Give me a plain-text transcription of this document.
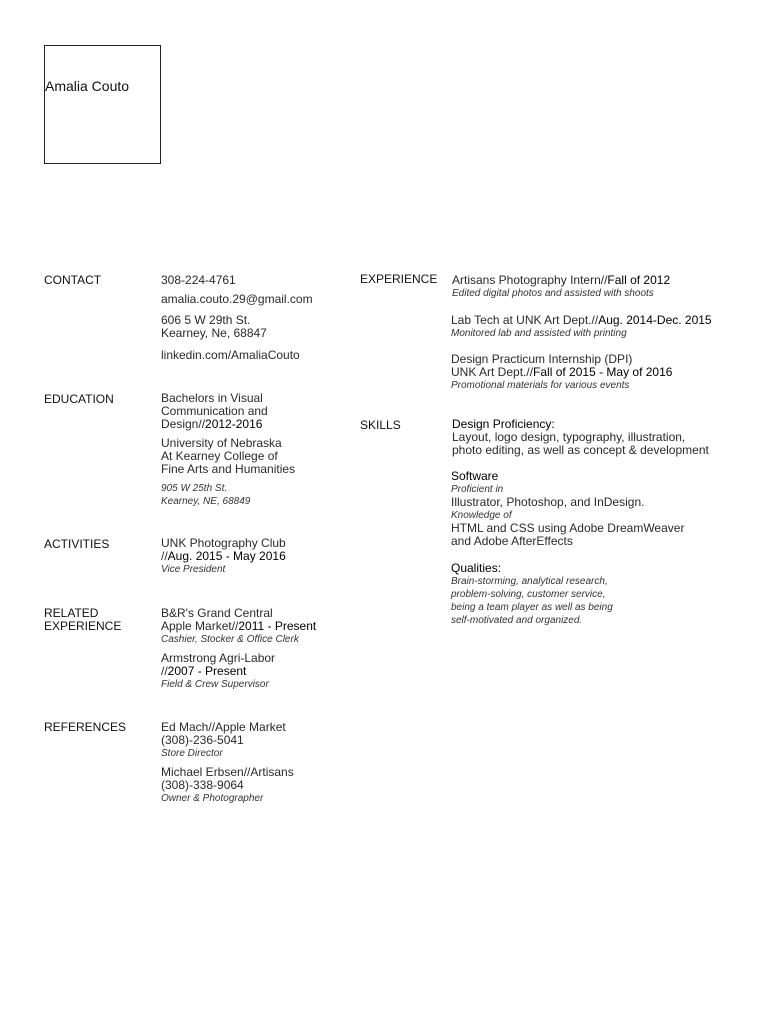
Amalia Couto
CONTACT
EDUCATION
ACTIVITIES
RELATED
EXPERIENCE
REFERENCES
308-224-4761
amalia.couto.29@gmail.com
606 5 W 29th St.
Kearney, Ne, 68847
linkedin.com/AmaliaCouto
Bachelors in Visual
Communication and
Design//2012-2016
University of Nebraska
At Kearney College of
Fine Arts and Humanities
905 W 25th St.
Kearney, NE, 68849
UNK Photography Club
//Aug. 2015 - May 2016
Vice President
B&R's Grand Central
Apple Market//2011 - Present
Cashier, Stocker & Office Clerk
Armstrong Agri-Labor
//2007 - Present
Field & Crew Supervisor
Ed Mach//Apple Market
(308)-236-5041
Store Director
Michael Erbsen//Artisans
(308)-338-9064
Owner & Photographer
EXPERIENCE
SKILLS
Artisans Photography Intern//Fall of 2012
Edited digital photos and assisted with shoots
Lab Tech at UNK Art Dept.//Aug. 2014-Dec. 2015
Monitored lab and assisted with printing
Design Practicum Internship (DPI)
UNK Art Dept.//Fall of 2015 - May of 2016
Promotional materials for various events
Design Proficiency:
Layout, logo design, typography, illustration,
photo editing, as well as concept & development
Software
Proficient in
Illustrator, Photoshop, and InDesign.
Knowledge of
HTML and CSS using Adobe DreamWeaver
and Adobe AfterEffects
Qualities:
Brain-storming, analytical research,
problem-solving, customer service,
being a team player as well as being
self-motivated and organized.
